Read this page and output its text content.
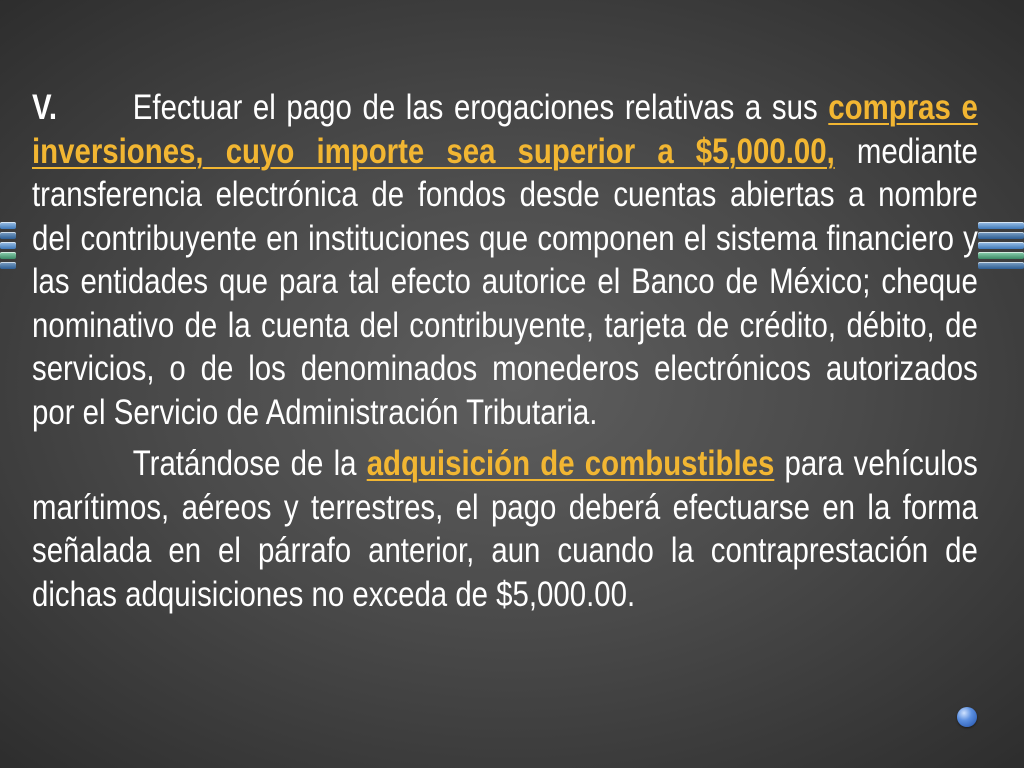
V. Efectuar el pago de las erogaciones relativas a sus compras e inversiones, cuyo importe sea superior a $5,000.00, mediante transferencia electrónica de fondos desde cuentas abiertas a nombre del contribuyente en instituciones que componen el sistema financiero y las entidades que para tal efecto autorice el Banco de México; cheque nominativo de la cuenta del contribuyente, tarjeta de crédito, débito, de servicios, o de los denominados monederos electrónicos autorizados por el Servicio de Administración Tributaria.

Tratándose de la adquisición de combustibles para vehículos marítimos, aéreos y terrestres, el pago deberá efectuarse en la forma señalada en el párrafo anterior, aun cuando la contraprestación de dichas adquisiciones no exceda de $5,000.00.
